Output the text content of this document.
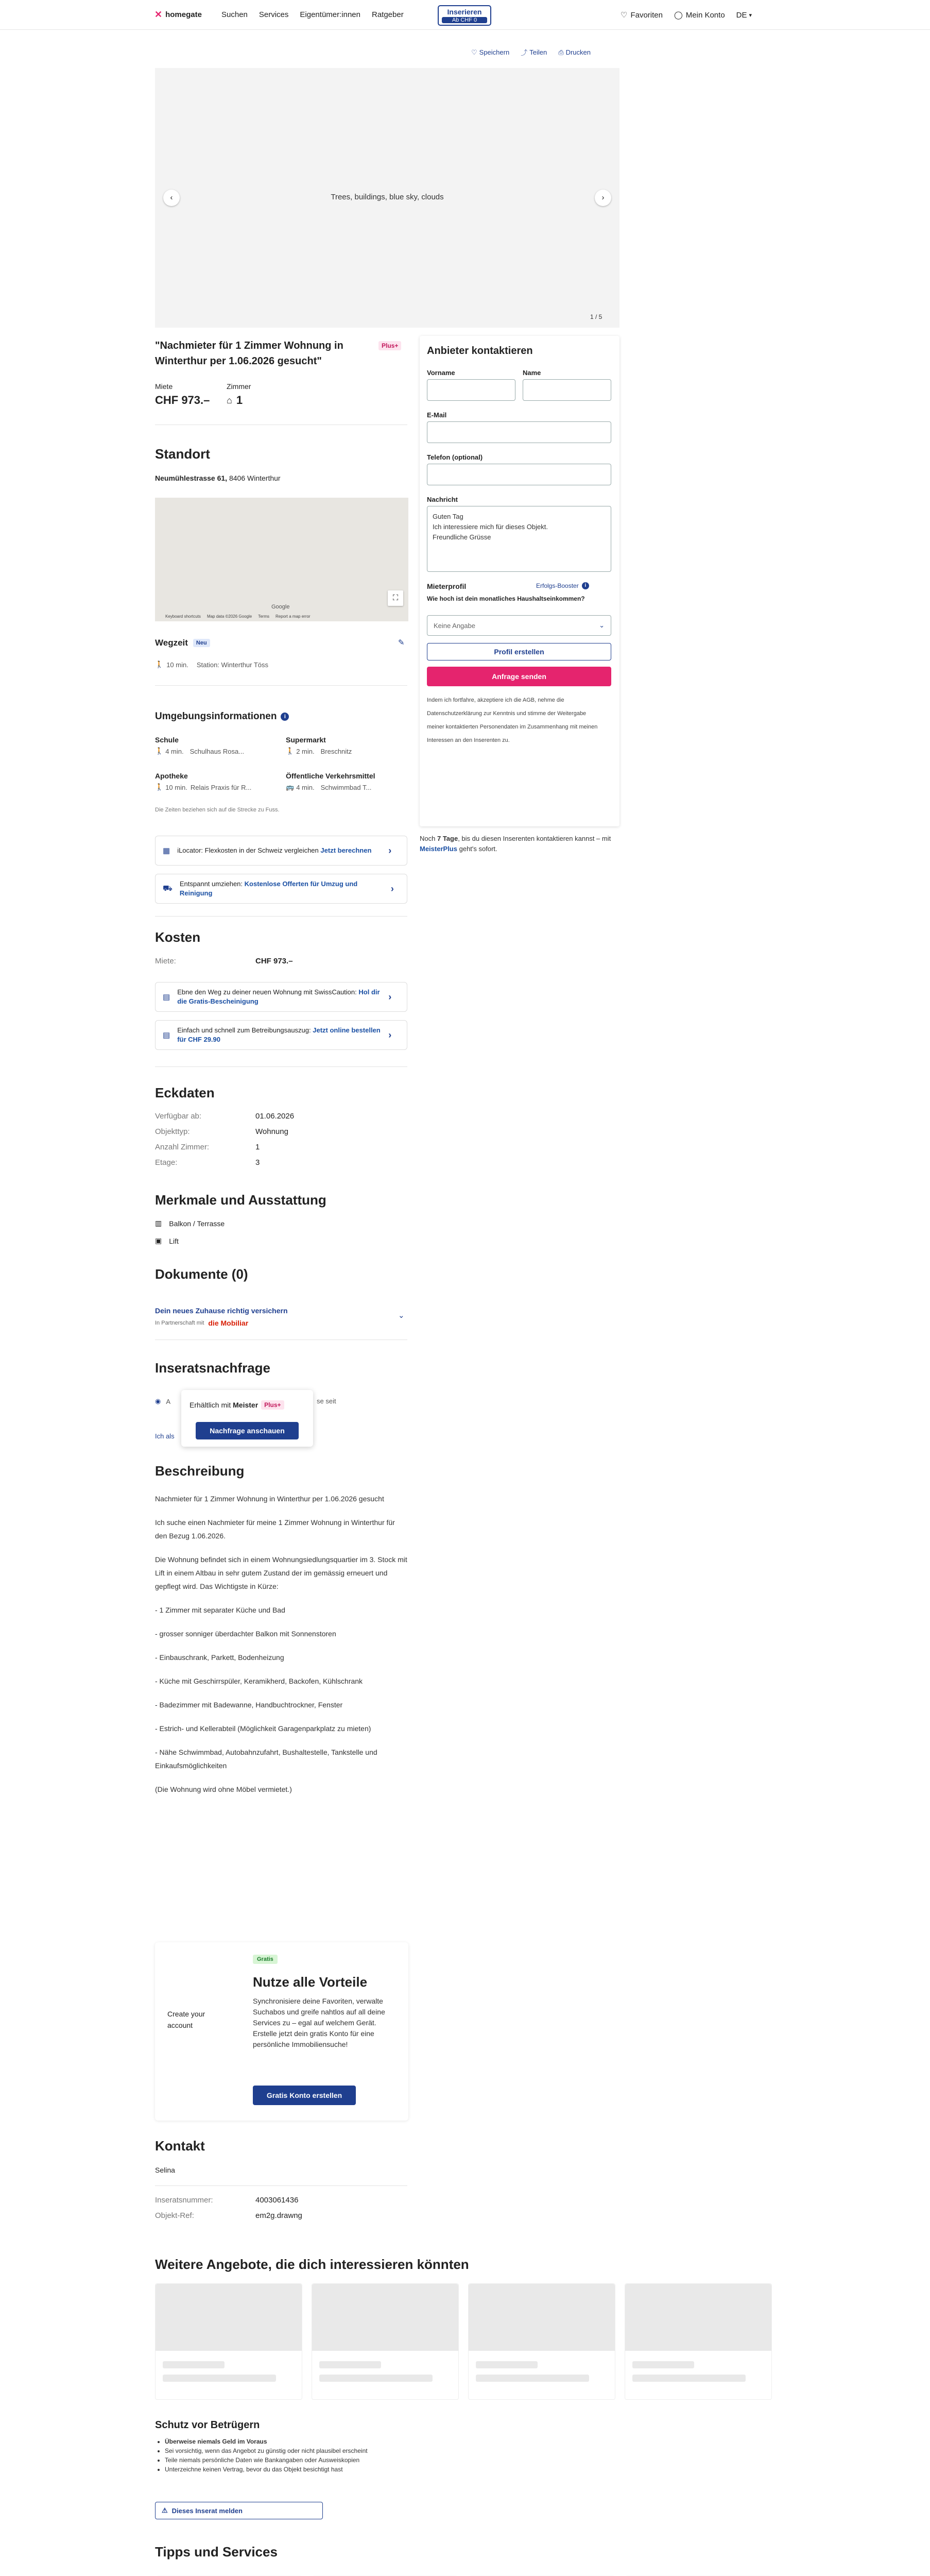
✕ homegate	Suchen Services Eigentümer:innen Ratgeber	Inserieren
Ab CHF 0
♡ Favoriten ◯ Mein Konto DE ▾
♡ Speichern ⤴ Teilen ⎙ Drucken
Trees, buildings, blue sky, clouds
‹	›
1 / 5
"Nachmieter für 1 Zimmer Wohnung in Winterthur per 1.06.2026 gesucht"
Plus+
Miete
CHF 973.–
Zimmer
⌂ 1
Standort
Neumühlestrasse 61, 8406 Winterthur
⛶
Google
Keyboard shortcuts Map data ©2026 Google Terms Report a map error
Wegzeit	Neu	✎
🚶 10 min. Station: Winterthur Töss
Umgebungsinformationen	i
Schule
🚶 4 min. Schulhaus Rosa...
Supermarkt
🚶 2 min. Breschnitz
Apotheke
🚶 10 min. Relais Praxis für R...
Öffentliche Verkehrsmittel
🚌 4 min. Schwimmbad T...
Die Zeiten beziehen sich auf die Strecke zu Fuss.
▦ iLocator: Flexkosten in der Schweiz vergleichen Jetzt berechnen	›
⛟ Entspannt umziehen: Kostenlose Offerten für Umzug und Reinigung	›
Kosten
Miete:	CHF 973.–
▤
Ebne den Weg zu deiner neuen Wohnung mit SwissCaution: Hol dir die Gratis-Bescheinigung	›
▤
Einfach und schnell zum Betreibungsauszug: Jetzt online bestellen für CHF 29.90	›
Eckdaten
Verfügbar ab:	01.06.2026
Objekttyp:	Wohnung
Anzahl Zimmer:	1
Etage:	3
Merkmale und Ausstattung
▥ Balkon / Terrasse
▣ Lift
Dokumente (0)
Dein neues Zuhause richtig versichern
In Partnerschaft mit die Mobiliar
⌄
Inseratsnachfrage
◉ A	se seit
Ich als
Erhältlich mit Meister	Plus+
Nachfrage anschauen
Beschreibung

Nachmieter für 1 Zimmer Wohnung in Winterthur per 1.06.2026 gesucht

Ich suche einen Nachmieter für meine 1 Zimmer Wohnung in Winterthur für den Bezug 1.06.2026.

Die Wohnung befindet sich in einem Wohnungsiedlungsquartier im 3. Stock mit Lift in einem Altbau in sehr gutem Zustand der im gemässig erneuert und gepflegt wird. Das Wichtigste in Kürze:

- 1 Zimmer mit separater Küche und Bad

- grosser sonniger überdachter Balkon mit Sonnenstoren

- Einbauschrank, Parkett, Bodenheizung

- Küche mit Geschirrspüler, Keramikherd, Backofen, Kühlschrank

- Badezimmer mit Badewanne, Handbuchtrockner, Fenster

- Estrich- und Kellerabteil (Möglichkeit Garagenparkplatz zu mieten)

- Nähe Schwimmbad, Autobahnzufahrt, Bushaltestelle, Tankstelle und Einkaufsmöglichkeiten

(Die Wohnung wird ohne Möbel vermietet.)

Create your account
Gratis
Nutze alle Vorteile
Synchronisiere deine Favoriten, verwalte Suchabos und greife nahtlos auf all deine Services zu – egal auf welchem Gerät. Erstelle jetzt dein gratis Konto für eine persönliche Immobiliensuche!
Gratis Konto erstellen
Kontakt
Selina
Inseratsnummer:	4003061436
Objekt-Ref:	em2g.drawng
Weitere Angebote, die dich interessieren könnten
Schutz vor Betrügern
• Überweise niemals Geld im Voraus
• Sei vorsichtig, wenn das Angebot zu günstig oder nicht plausibel erscheint
• Teile niemals persönliche Daten wie Bankangaben oder Ausweiskopien
• Unterzeichne keinen Vertrag, bevor du das Objekt besichtigt hast
⚠ Dieses Inserat melden
Tipps und Services
Anbieter kontaktieren
Vorname	Name
E-Mail
Telefon (optional)
Nachricht
Guten Tag
Ich interessiere mich für dieses Objekt.
Freundliche Grüsse
Mieterprofil	Erfolgs-Booster	i
Wie hoch ist dein monatliches Haushaltseinkommen?
Keine Angabe	⌄
Profil erstellen
Anfrage senden
Indem ich fortfahre, akzeptiere ich die AGB, nehme die Datenschutzerklärung zur Kenntnis und stimme der Weitergabe meiner kontaktierten Personendaten im Zusammenhang mit meinen Interessen an den Inserenten zu.
Noch 7 Tage, bis du diesen Inserenten kontaktieren kannst – mit MeisterPlus geht's sofort.
